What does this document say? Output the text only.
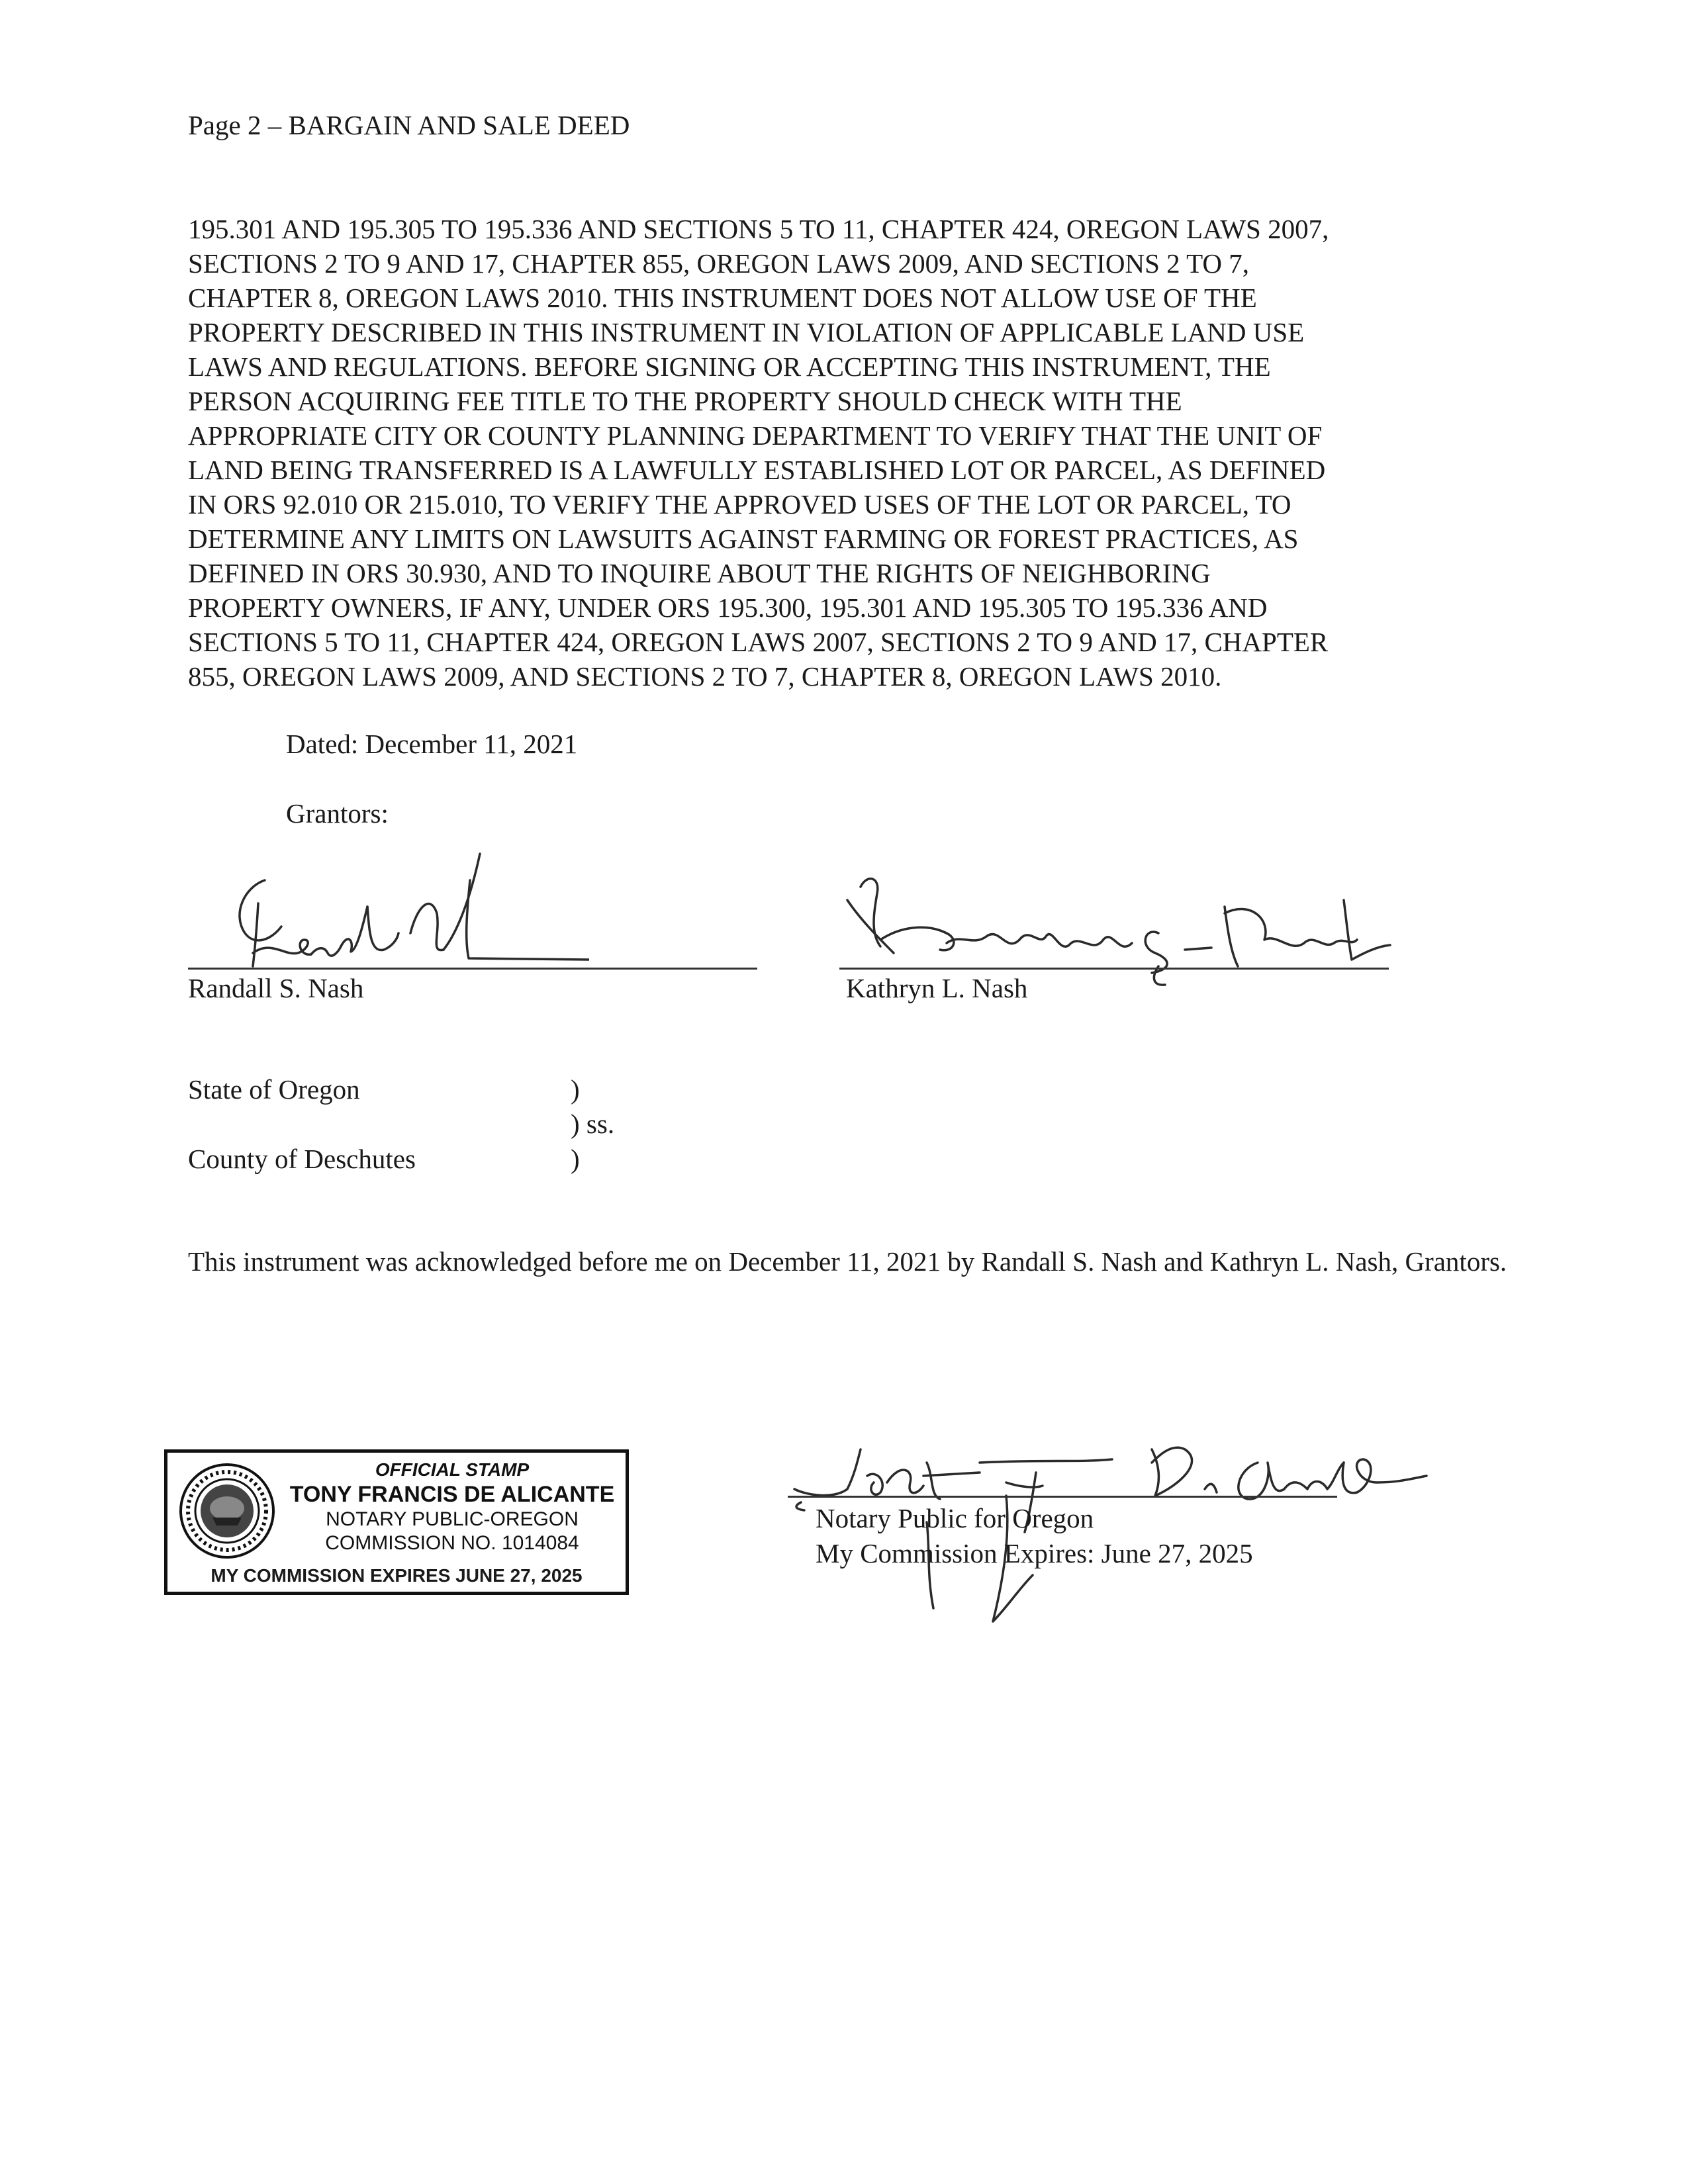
Page 2 – BARGAIN AND SALE DEED
195.301 AND 195.305 TO 195.336 AND SECTIONS 5 TO 11, CHAPTER 424, OREGON LAWS 2007,
SECTIONS 2 TO 9 AND 17, CHAPTER 855, OREGON LAWS 2009, AND SECTIONS 2 TO 7,
CHAPTER 8, OREGON LAWS 2010. THIS INSTRUMENT DOES NOT ALLOW USE OF THE
PROPERTY DESCRIBED IN THIS INSTRUMENT IN VIOLATION OF APPLICABLE LAND USE
LAWS AND REGULATIONS. BEFORE SIGNING OR ACCEPTING THIS INSTRUMENT, THE
PERSON ACQUIRING FEE TITLE TO THE PROPERTY SHOULD CHECK WITH THE
APPROPRIATE CITY OR COUNTY PLANNING DEPARTMENT TO VERIFY THAT THE UNIT OF
LAND BEING TRANSFERRED IS A LAWFULLY ESTABLISHED LOT OR PARCEL, AS DEFINED
IN ORS 92.010 OR 215.010, TO VERIFY THE APPROVED USES OF THE LOT OR PARCEL, TO
DETERMINE ANY LIMITS ON LAWSUITS AGAINST FARMING OR FOREST PRACTICES, AS
DEFINED IN ORS 30.930, AND TO INQUIRE ABOUT THE RIGHTS OF NEIGHBORING
PROPERTY OWNERS, IF ANY, UNDER ORS 195.300, 195.301 AND 195.305 TO 195.336 AND
SECTIONS 5 TO 11, CHAPTER 424, OREGON LAWS 2007, SECTIONS 2 TO 9 AND 17, CHAPTER
855, OREGON LAWS 2009, AND SECTIONS 2 TO 7, CHAPTER 8, OREGON LAWS 2010.
Dated: December 11, 2021
Grantors:
Randall S. Nash	Kathryn L. Nash
State of Oregon
County of Deschutes
)
) ss.
)
This instrument was acknowledged before me on December 11, 2021 by Randall S. Nash and Kathryn L. Nash, Grantors.
OFFICIAL STAMP
TONY FRANCIS DE ALICANTE
NOTARY PUBLIC-OREGON
COMMISSION NO. 1014084
MY COMMISSION EXPIRES JUNE 27, 2025
Notary Public for Oregon
My Commission Expires: June 27, 2025
